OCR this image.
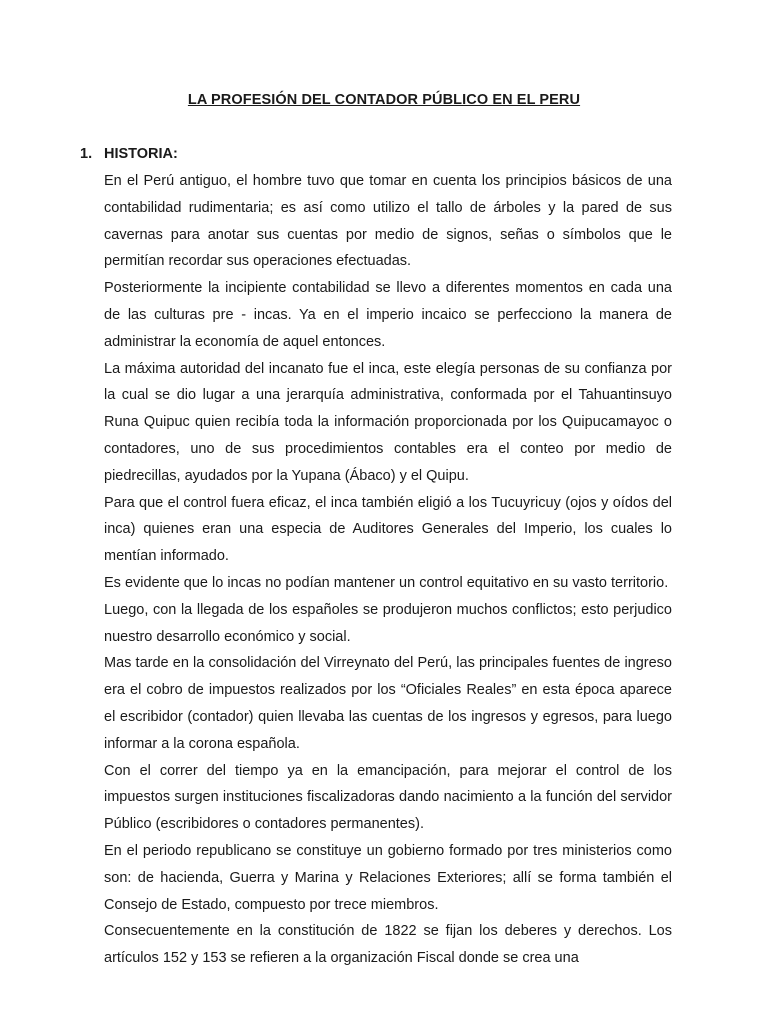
LA PROFESIÓN DEL CONTADOR PÚBLICO EN EL PERU
1. HISTORIA:

En el Perú antiguo, el hombre tuvo que tomar en cuenta los principios básicos de una contabilidad rudimentaria; es así como utilizo el tallo de árboles y la pared de sus cavernas para anotar sus cuentas por medio de signos, señas o símbolos que le permitían recordar sus operaciones efectuadas.

Posteriormente la incipiente contabilidad se llevo a diferentes momentos en cada una de las culturas pre - incas. Ya en el imperio incaico se perfecciono la manera de administrar la economía de aquel entonces.

La máxima autoridad del incanato fue el inca, este elegía personas de su confianza por la cual se dio lugar a una jerarquía administrativa, conformada por el Tahuantinsuyo Runa Quipuc quien recibía toda la información proporcionada por los Quipucamayoc o contadores, uno de sus procedimientos contables era el conteo por medio de piedrecillas, ayudados por la Yupana (Ábaco) y el Quipu.

Para que el control fuera eficaz, el inca también eligió a los Tucuyricuy (ojos y oídos del inca) quienes eran una especia de Auditores Generales del Imperio, los cuales lo mentían informado.

Es evidente que lo incas no podían mantener un control equitativo en su vasto territorio.

Luego, con la llegada de los españoles se produjeron muchos conflictos; esto perjudico nuestro desarrollo económico y social.

Mas tarde en la consolidación del Virreynato del Perú, las principales fuentes de ingreso era el cobro de impuestos realizados por los “Oficiales Reales” en esta época aparece el escribidor (contador) quien llevaba las cuentas de los ingresos y egresos, para luego informar a la corona española.

Con el correr del tiempo ya en la emancipación, para mejorar el control de los impuestos surgen instituciones fiscalizadoras dando nacimiento a la función del servidor Público (escribidores o contadores permanentes).

En el periodo republicano se constituye un gobierno formado por tres ministerios como son: de hacienda, Guerra y Marina y Relaciones Exteriores; allí se forma también el Consejo de Estado, compuesto por trece miembros.

Consecuentemente en la constitución de 1822 se fijan los deberes y derechos. Los artículos 152 y 153 se refieren a la organización Fiscal donde se crea una
